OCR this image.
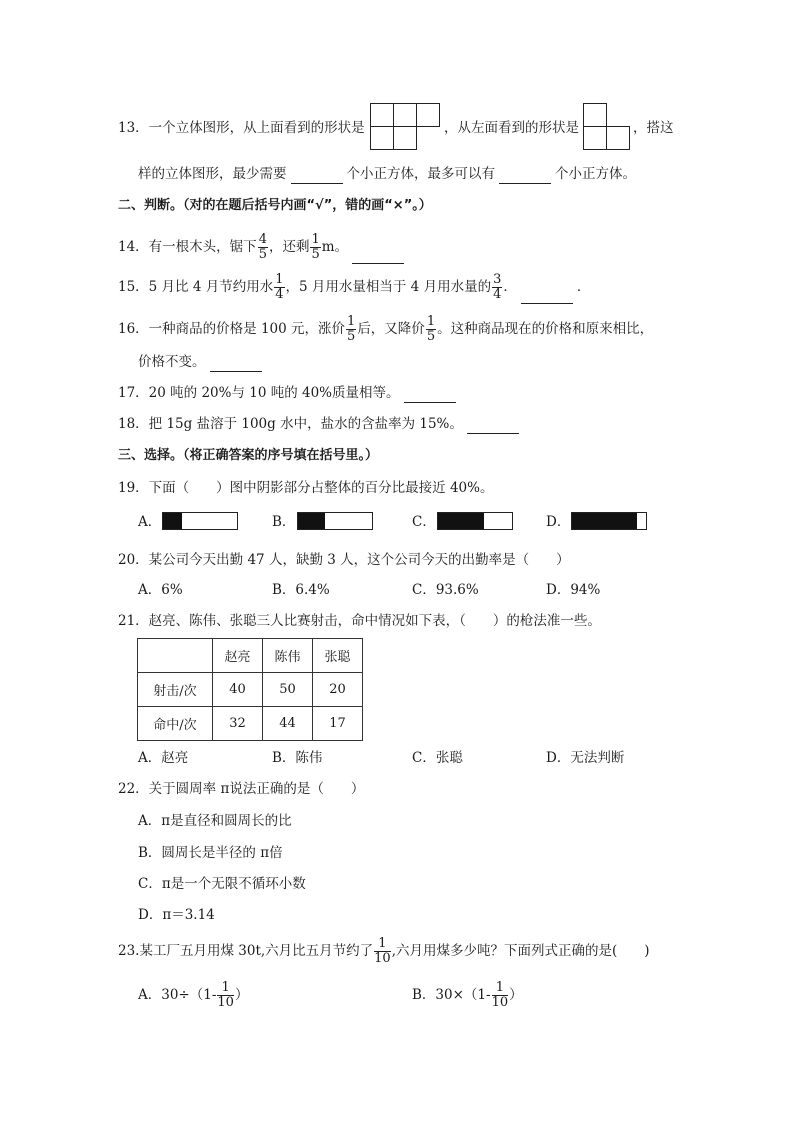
13．一个立体图形，从上面看到的形状是	，从左面看到的形状是	，搭这
样的立体图形，最少需要	个小正方体，最多可以有	个小正方体。
二、判断。（对的在题后括号内画“√”，错的画“×”。）
14．有一根木头，锯下 $\frac{4}{5}$ ，还剩 $\frac{1}{5}$ m。
15．5 月比 4 月节约用水 $\frac{1}{4}$ ，5 月用水量相当于 4 月用水量的 $\frac{3}{4}$ ．	．
16．一种商品的价格是 100 元，涨价 $\frac{1}{5}$ 后，又降价 $\frac{1}{5}$ 。这种商品现在的价格和原来相比，
价格不变。
17．20 吨的 20%与 10 吨的 40%质量相等。
18．把 15g 盐溶于 100g 水中，盐水的含盐率为 15%。
三、选择。（将正确答案的序号填在括号里。）
19．下面（　　）图中阴影部分占整体的百分比最接近 40%。
A．	B．	C．	D．
20．某公司今天出勤 47 人，缺勤 3 人，这个公司今天的出勤率是（　　）
A．6%	B．6.4%	C．93.6%	D．94%
21．赵亮、陈伟、张聪三人比赛射击，命中情况如下表，（　　）的枪法准一些。
	赵亮	陈伟	张聪
射击/次	40	50	20
命中/次	32	44	17
A．赵亮	B．陈伟	C．张聪	D．无法判断
22．关于圆周率 π说法正确的是（　　）
A．π是直径和圆周长的比
B．圆周长是半径的 π倍
C．π是一个无限不循环小数
D．π＝3.14
23.某工厂五月用煤 30t,六月比五月节约了 $\frac{1}{10}$ ,六月用煤多少吨？下面列式正确的是(　　)
A．$30\div(1- \frac{1}{10}$ ）	B．$30\times(1- \frac{1}{10}$ ）
